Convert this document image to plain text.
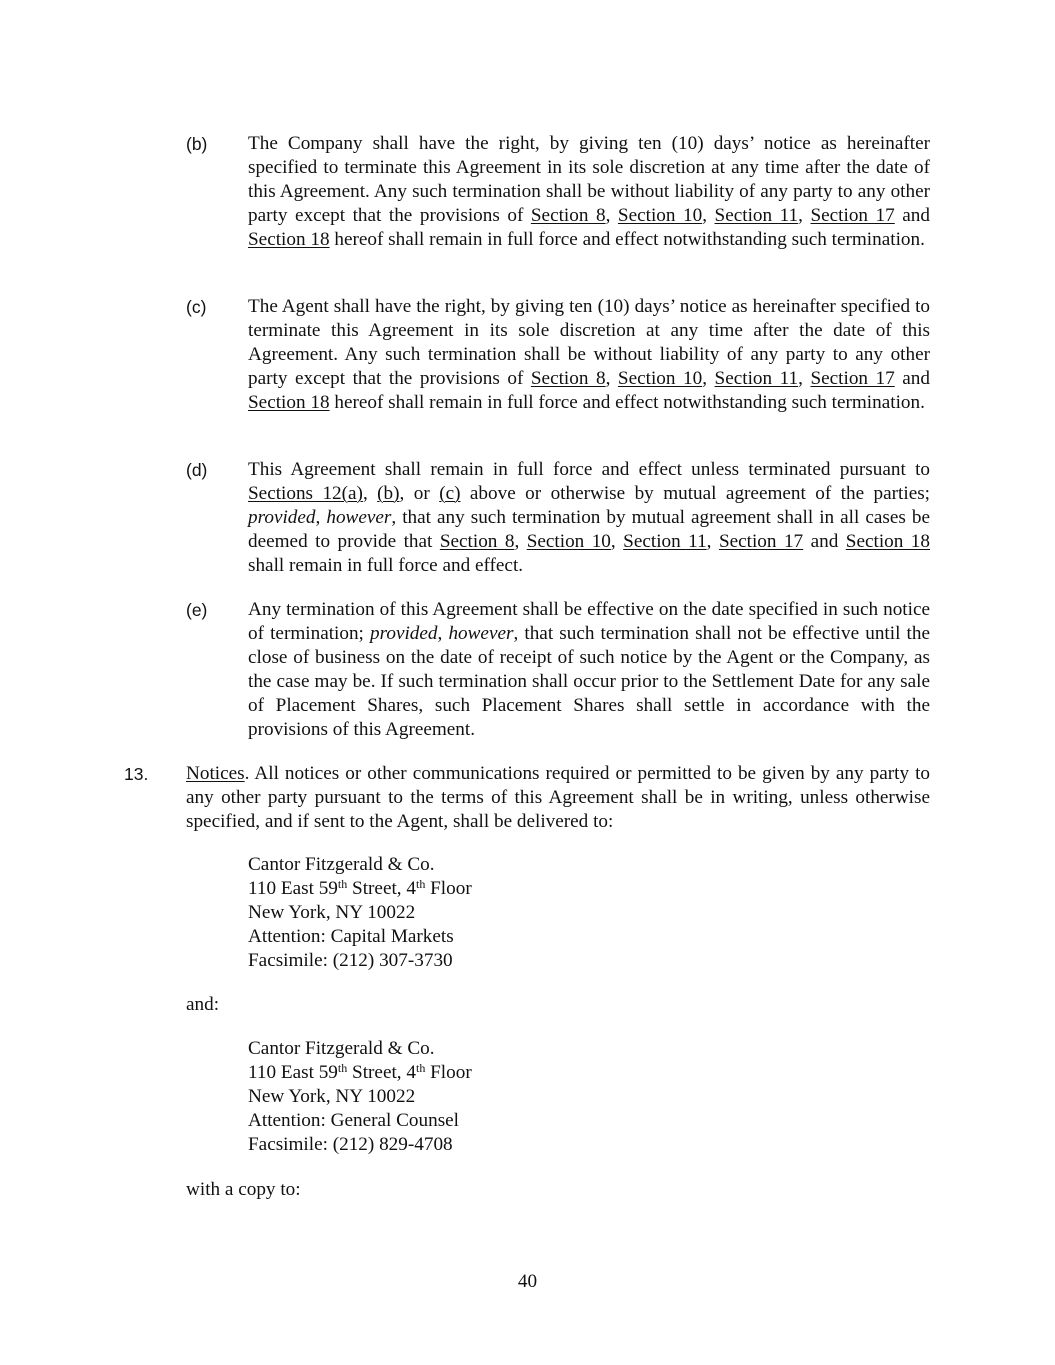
(b) The Company shall have the right, by giving ten (10) days’ notice as hereinafter specified to terminate this Agreement in its sole discretion at any time after the date of this Agreement. Any such termination shall be without liability of any party to any other party except that the provisions of Section 8, Section 10, Section 11, Section 17 and Section 18 hereof shall remain in full force and effect notwithstanding such termination.

(c) The Agent shall have the right, by giving ten (10) days’ notice as hereinafter specified to terminate this Agreement in its sole discretion at any time after the date of this Agreement. Any such termination shall be without liability of any party to any other party except that the provisions of Section 8, Section 10, Section 11, Section 17 and Section 18 hereof shall remain in full force and effect notwithstanding such termination.

(d) This Agreement shall remain in full force and effect unless terminated pursuant to Sections 12(a), (b), or (c) above or otherwise by mutual agreement of the parties; provided, however, that any such termination by mutual agreement shall in all cases be deemed to provide that Section 8, Section 10, Section 11, Section 17 and Section 18 shall remain in full force and effect.

(e) Any termination of this Agreement shall be effective on the date specified in such notice of termination; provided, however, that such termination shall not be effective until the close of business on the date of receipt of such notice by the Agent or the Company, as the case may be. If such termination shall occur prior to the Settlement Date for any sale of Placement Shares, such Placement Shares shall settle in accordance with the provisions of this Agreement.

13. Notices. All notices or other communications required or permitted to be given by any party to any other party pursuant to the terms of this Agreement shall be in writing, unless otherwise specified, and if sent to the Agent, shall be delivered to:

Cantor Fitzgerald & Co.
110 East 59th Street, 4th Floor
New York, NY 10022
Attention: Capital Markets
Facsimile: (212) 307-3730
and:
Cantor Fitzgerald & Co.
110 East 59th Street, 4th Floor
New York, NY 10022
Attention: General Counsel
Facsimile: (212) 829-4708
with a copy to:
40
